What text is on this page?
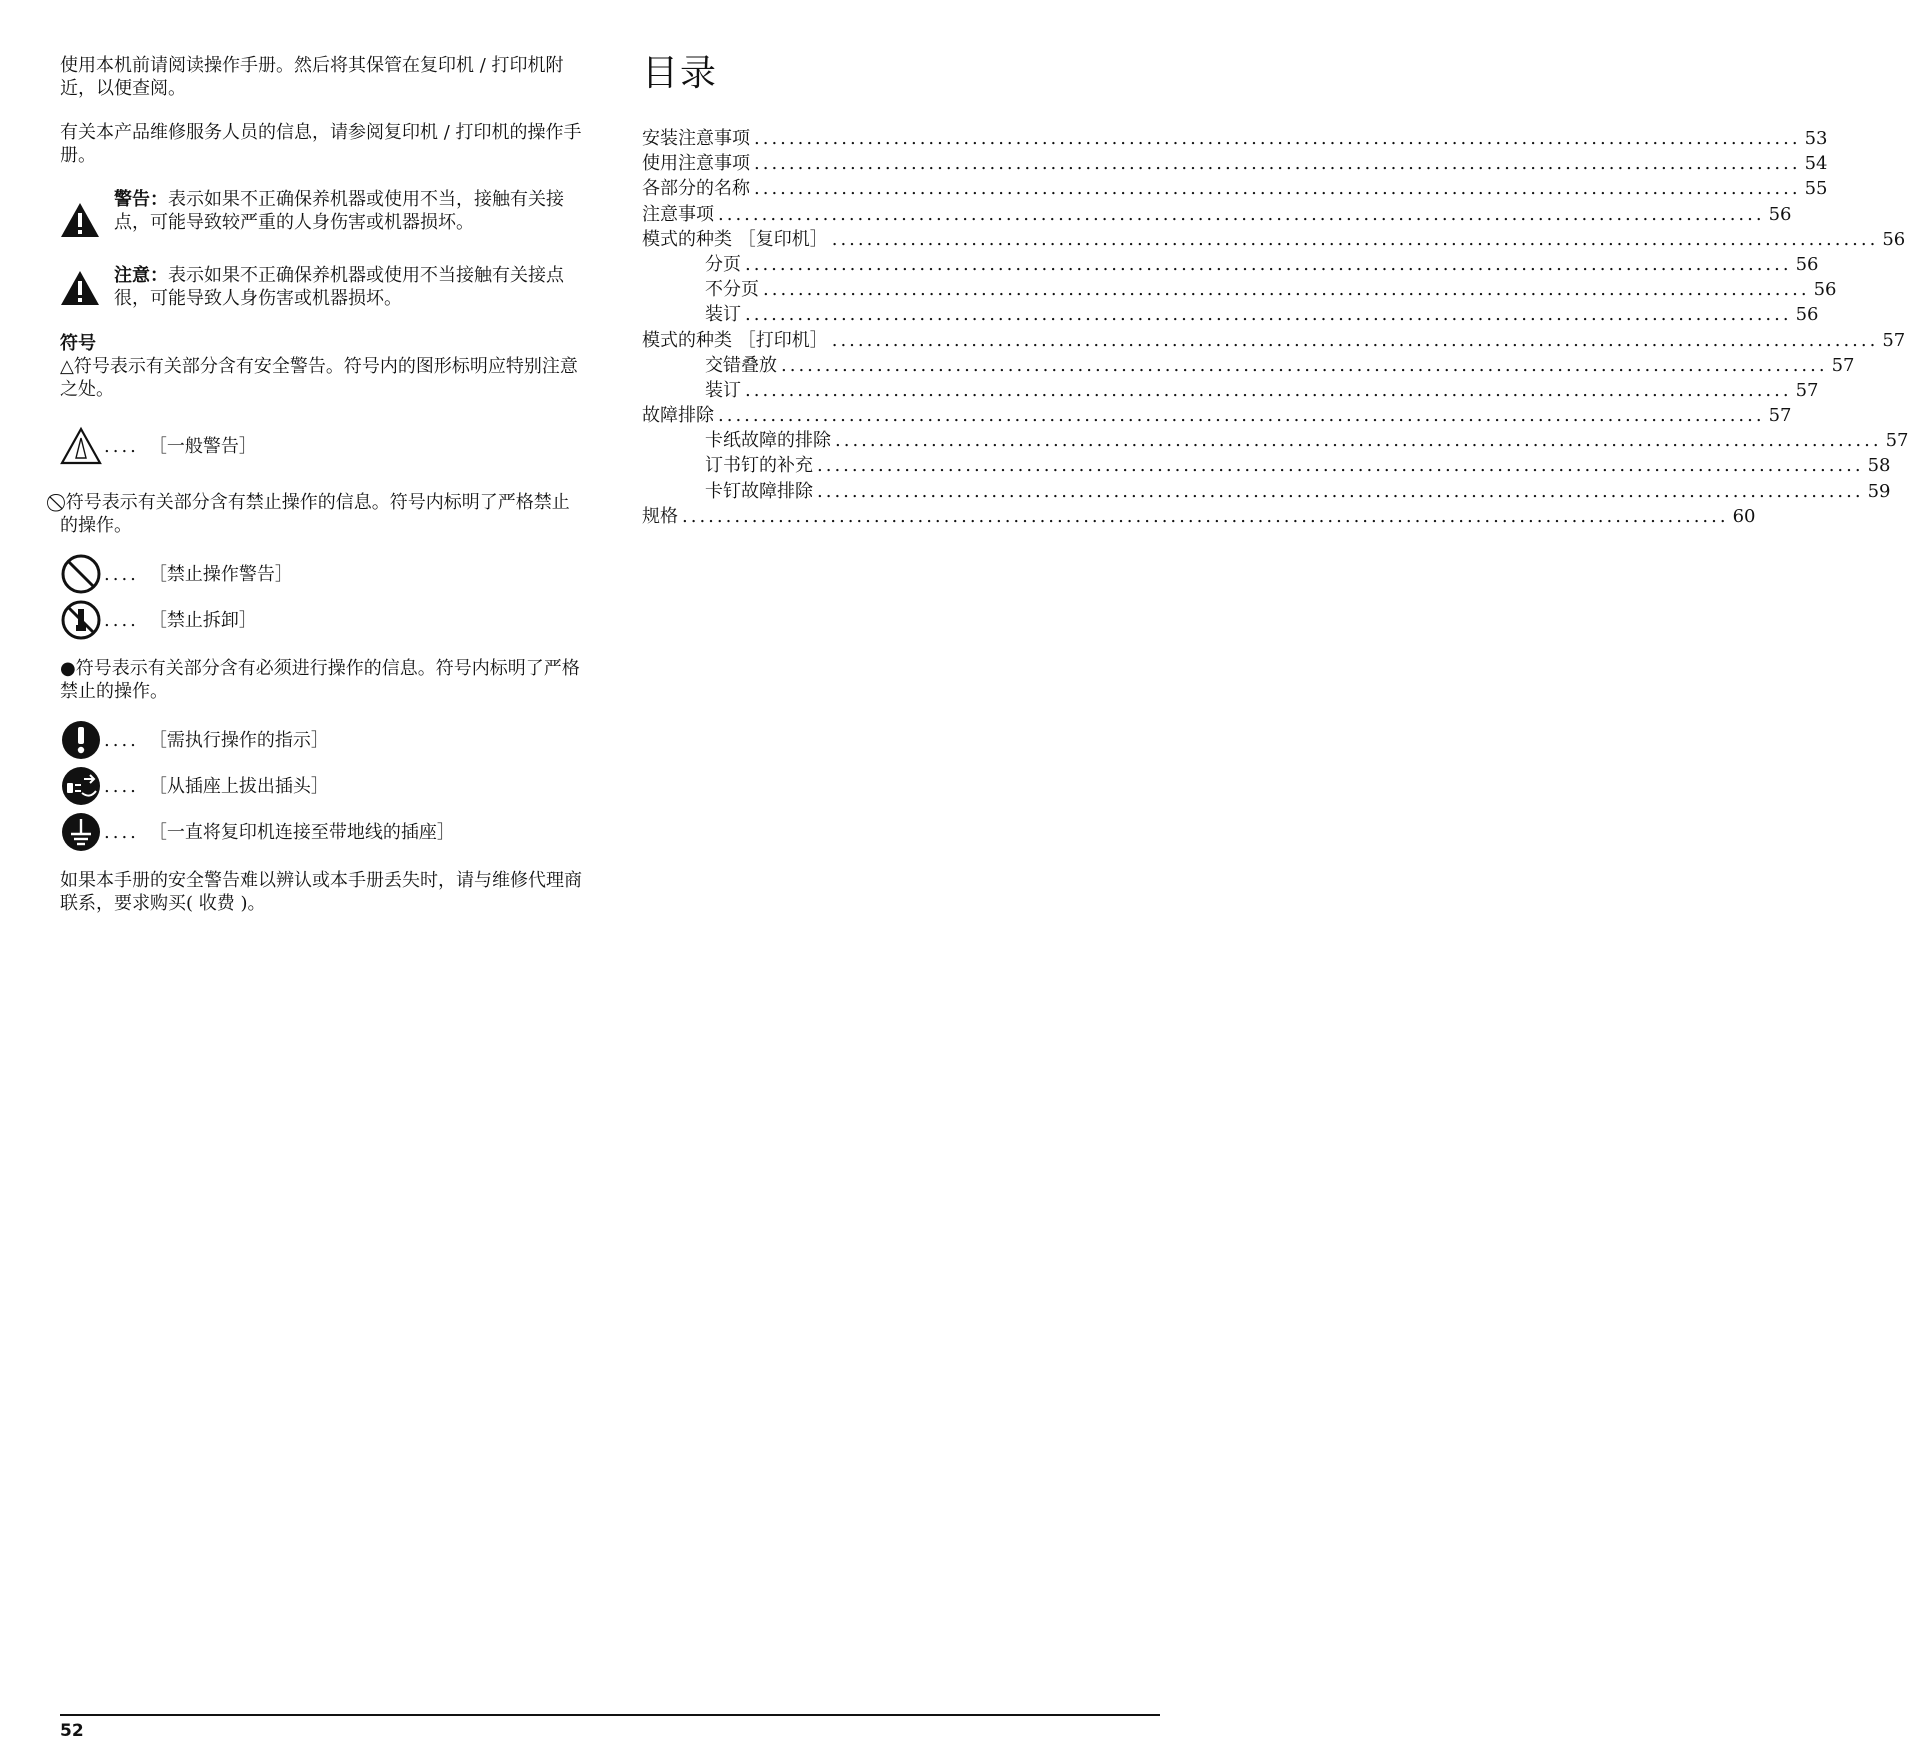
使用本机前请阅读操作手册。然后将其保管在复印机 / 打印机附近，以便查阅。

有关本产品维修服务人员的信息，请参阅复印机 / 打印机的操作手册。

警告：表示如果不正确保养机器或使用不当，接触有关接点，可能导致较严重的人身伤害或机器损坏。

注意：表示如果不正确保养机器或使用不当接触有关接点很，可能导致人身伤害或机器损坏。

符号

△符号表示有关部分含有安全警告。符号内的图形标明应特别注意之处。

.... ［一般警告］

⃠ 符号表示有关部分含有禁止操作的信息。符号内标明了严格禁止的操作。

.... ［禁止操作警告］
.... ［禁止拆卸］

●符号表示有关部分含有必须进行操作的信息。符号内标明了严格禁止的操作。

.... ［需执行操作的指示］
.... ［从插座上拔出插头］
.... ［一直将复印机连接至带地线的插座］

如果本手册的安全警告难以辨认或本手册丢失时，请与维修代理商联系，要求购买( 收费 )。

目录
安装注意事项 ........................................................................................................................ 53
使用注意事项 ........................................................................................................................ 54
各部分的名称 ........................................................................................................................ 55
注意事项 ........................................................................................................................ 56
模式的种类 ［复印机］ ........................................................................................................................ 56
分页 ........................................................................................................................ 56
不分页 ........................................................................................................................ 56
装订 ........................................................................................................................ 56
模式的种类 ［打印机］ ........................................................................................................................ 57
交错叠放 ........................................................................................................................ 57
装订 ........................................................................................................................ 57
故障排除 ........................................................................................................................ 57
卡纸故障的排除 ........................................................................................................................ 57
订书钉的补充 ........................................................................................................................ 58
卡钉故障排除 ........................................................................................................................ 59
规格 ........................................................................................................................ 60
52
